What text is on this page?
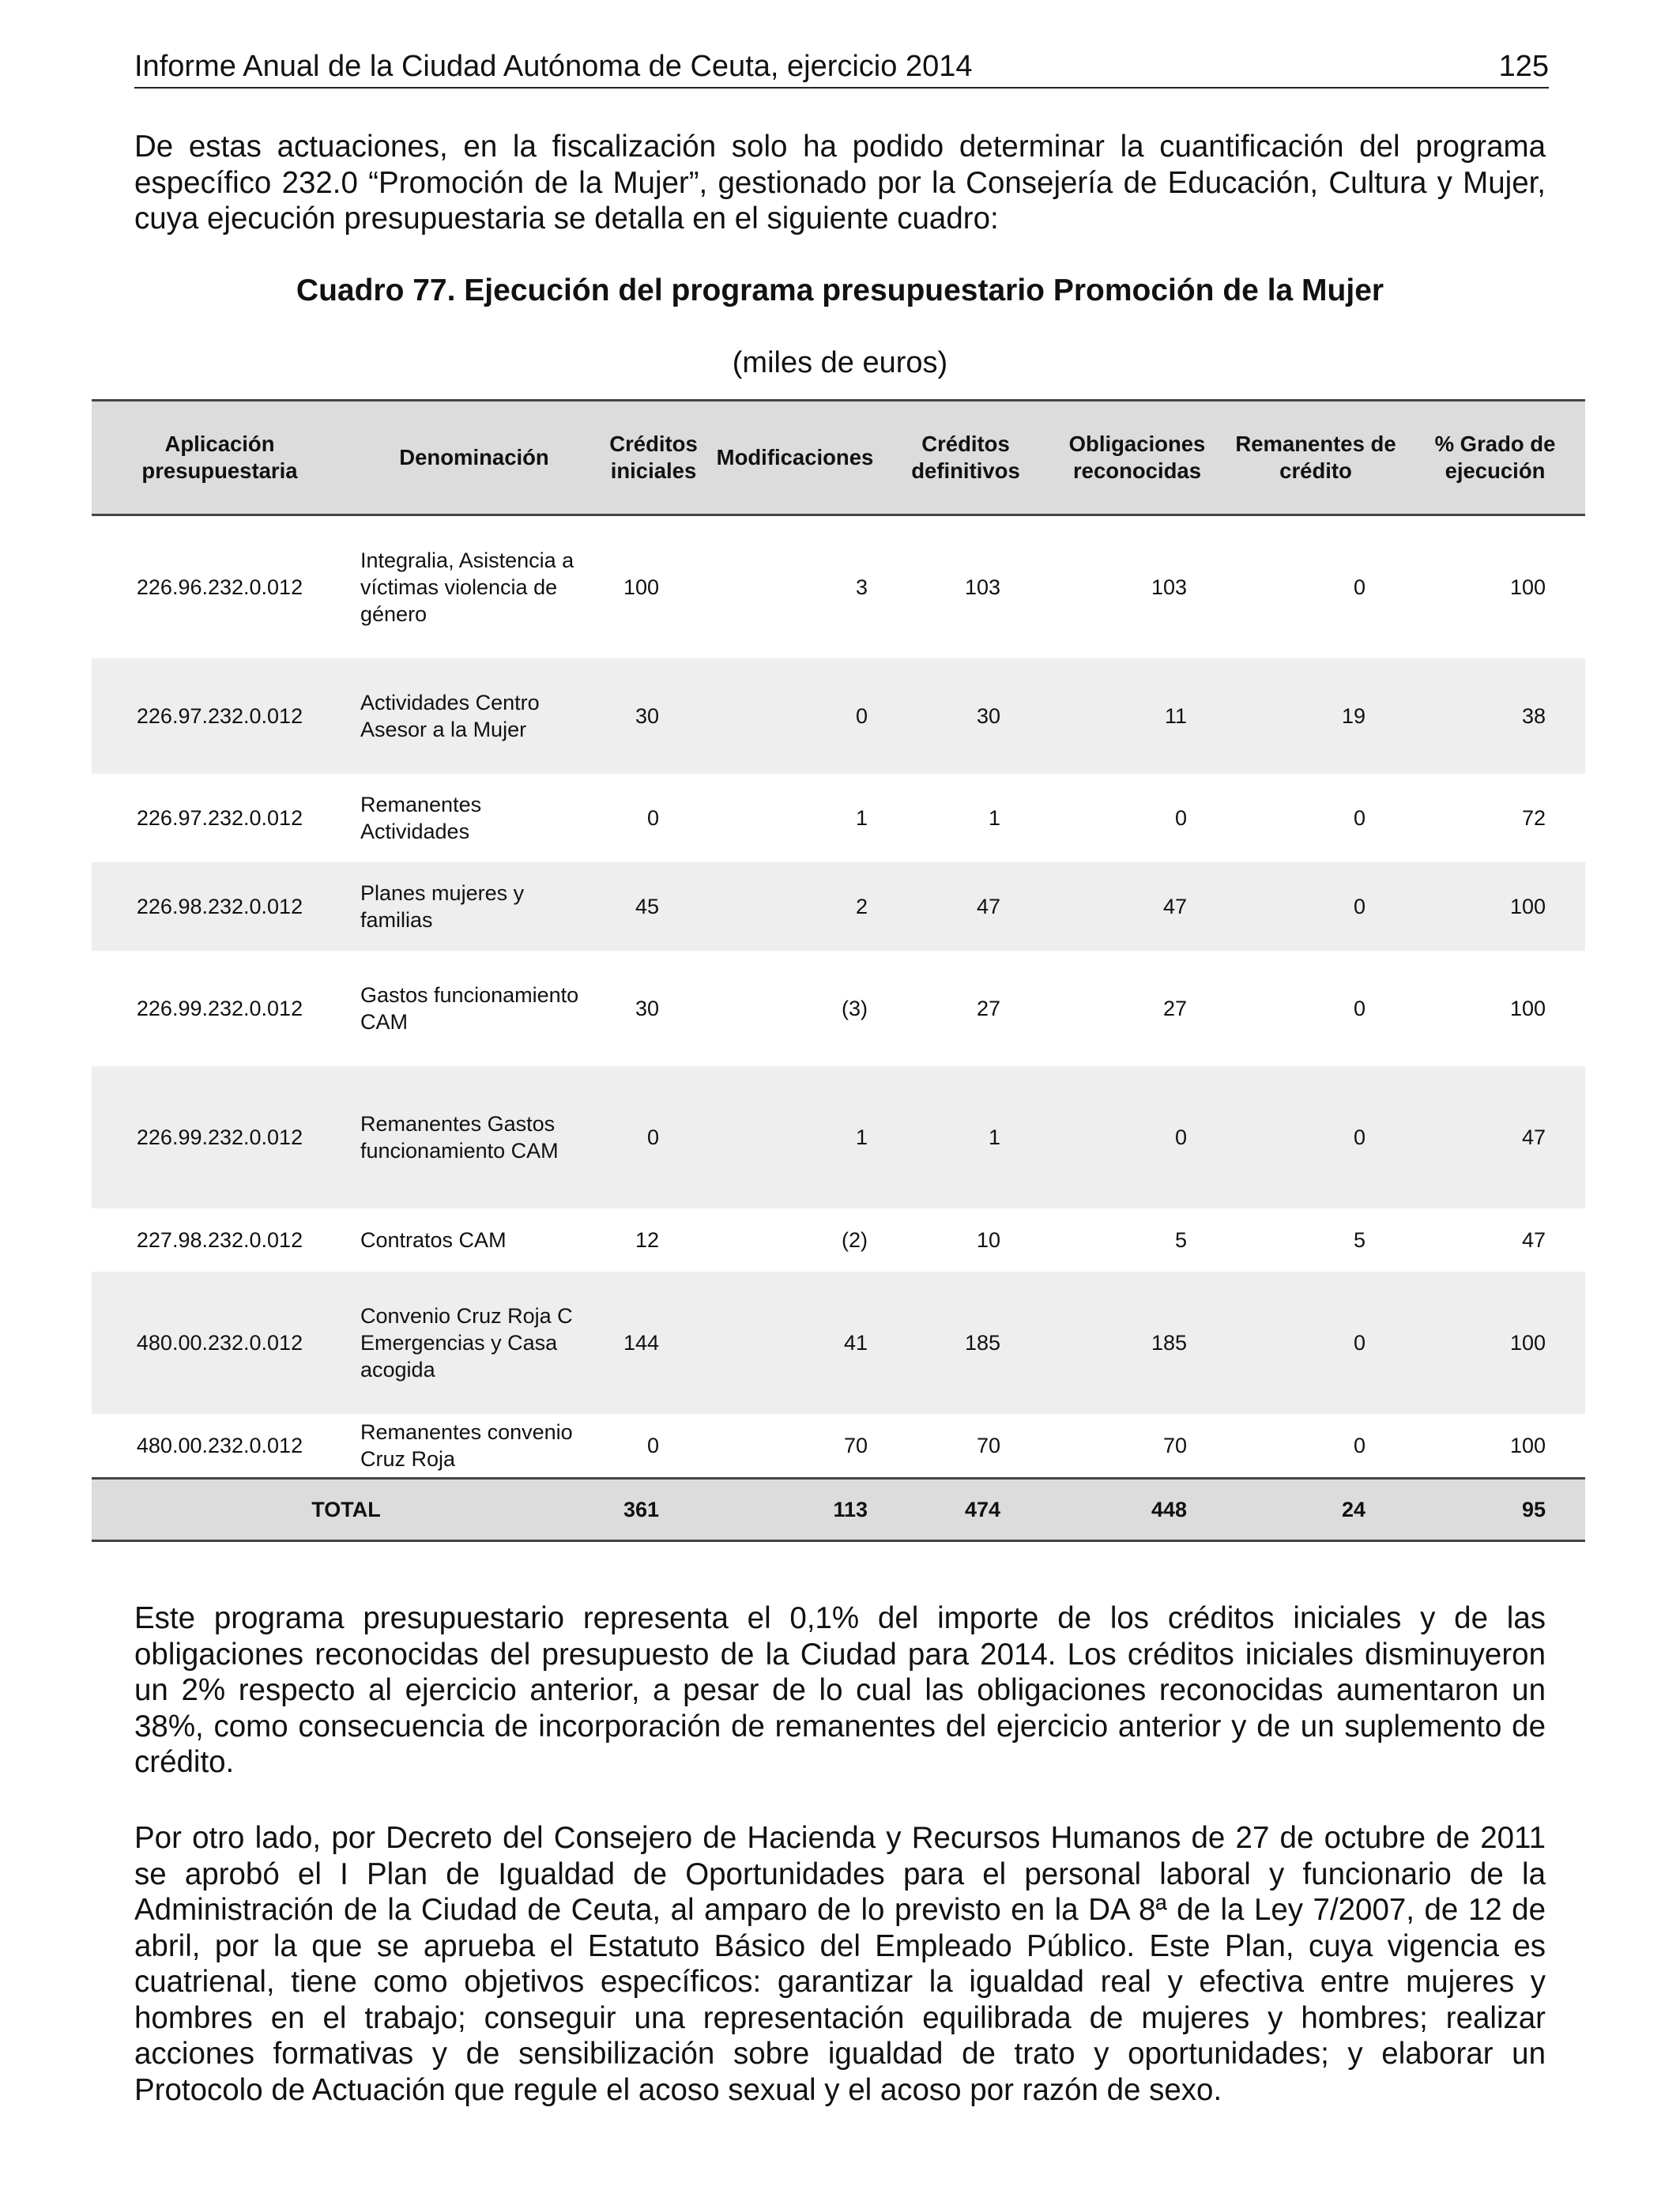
Informe Anual de la Ciudad Autónoma de Ceuta, ejercicio 2014	125
De estas actuaciones, en la fiscalización solo ha podido determinar la cuantificación del programa específico 232.0 “Promoción de la Mujer”, gestionado por la Consejería de Educación, Cultura y Mujer, cuya ejecución presupuestaria se detalla en el siguiente cuadro:
Cuadro 77. Ejecución del programa presupuestario Promoción de la Mujer
(miles de euros)
Aplicación presupuestaria	Denominación	Créditos iniciales	Modificaciones	Créditos definitivos	Obligaciones reconocidas	Remanentes de crédito	% Grado de ejecución
226.96.232.0.012	Integralia, Asistencia a víctimas violencia de género	100	3	103	103	0	100
226.97.232.0.012	Actividades Centro Asesor a la Mujer	30	0	30	11	19	38
226.97.232.0.012	Remanentes Actividades	0	1	1	0	0	72
226.98.232.0.012	Planes mujeres y familias	45	2	47	47	0	100
226.99.232.0.012	Gastos funcionamiento CAM	30	(3)	27	27	0	100
226.99.232.0.012	Remanentes Gastos funcionamiento CAM	0	1	1	0	0	47
227.98.232.0.012	Contratos CAM	12	(2)	10	5	5	47
480.00.232.0.012	Convenio Cruz Roja C Emergencias y Casa acogida	144	41	185	185	0	100
480.00.232.0.012	Remanentes convenio Cruz Roja	0	70	70	70	0	100
TOTAL		361	113	474	448	24	95
Este programa presupuestario representa el 0,1% del importe de los créditos iniciales y de las obligaciones reconocidas del presupuesto de la Ciudad para 2014. Los créditos iniciales disminuyeron un 2% respecto al ejercicio anterior, a pesar de lo cual las obligaciones reconocidas aumentaron un 38%, como consecuencia de incorporación de remanentes del ejercicio anterior y de un suplemento de crédito.
Por otro lado, por Decreto del Consejero de Hacienda y Recursos Humanos de 27 de octubre de 2011 se aprobó el I Plan de Igualdad de Oportunidades para el personal laboral y funcionario de la Administración de la Ciudad de Ceuta, al amparo de lo previsto en la DA 8ª de la Ley 7/2007, de 12 de abril, por la que se aprueba el Estatuto Básico del Empleado Público. Este Plan, cuya vigencia es cuatrienal, tiene como objetivos específicos: garantizar la igualdad real y efectiva entre mujeres y hombres en el trabajo; conseguir una representación equilibrada de mujeres y hombres; realizar acciones formativas y de sensibilización sobre igualdad de trato y oportunidades; y elaborar un Protocolo de Actuación que regule el acoso sexual y el acoso por razón de sexo.
